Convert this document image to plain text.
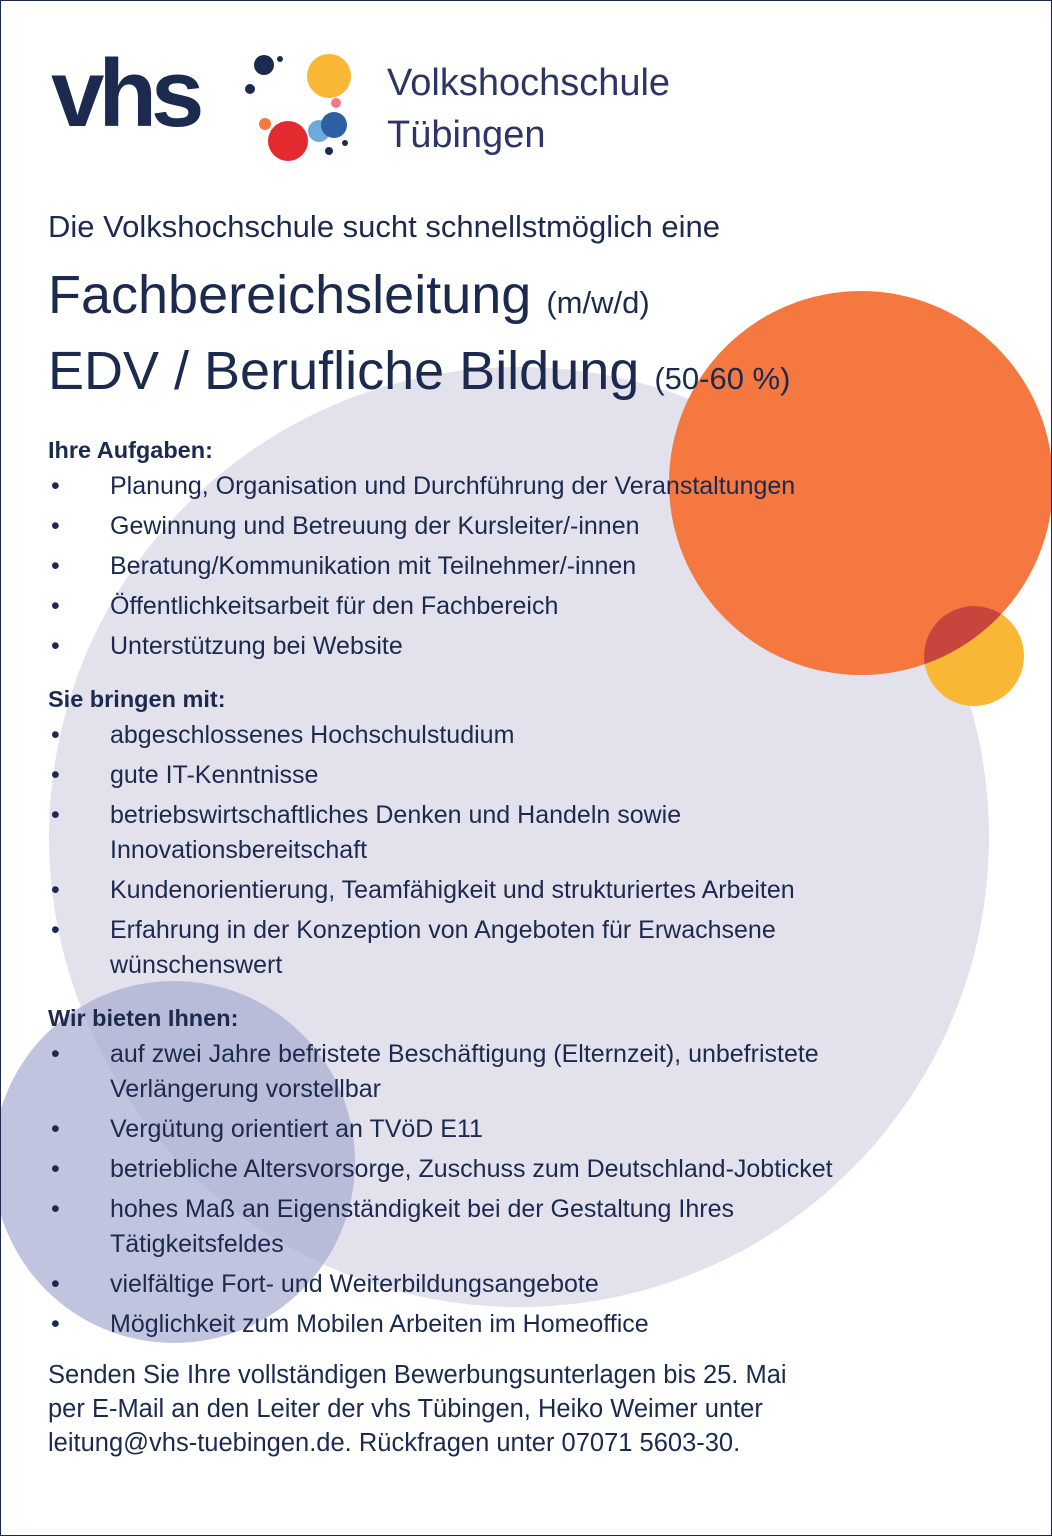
vhs	Volkshochschule
Tübingen

Die Volkshochschule sucht schnellstmöglich eine

Fachbereichsleitung (m/w/d)
EDV / Berufliche Bildung (50-60 %)
Ihre Aufgaben:
• Planung, Organisation und Durchführung der Veranstaltungen
• Gewinnung und Betreuung der Kursleiter/-innen
• Beratung/Kommunikation mit Teilnehmer/-innen
• Öffentlichkeitsarbeit für den Fachbereich
• Unterstützung bei Website
Sie bringen mit:
• abgeschlossenes Hochschulstudium
• gute IT-Kenntnisse
• betriebswirtschaftliches Denken und Handeln sowie Innovationsbereitschaft
• Kundenorientierung, Teamfähigkeit und strukturiertes Arbeiten
• Erfahrung in der Konzeption von Angeboten für Erwachsene wünschenswert
Wir bieten Ihnen:
• auf zwei Jahre befristete Beschäftigung (Elternzeit), unbefristete Verlängerung vorstellbar
• Vergütung orientiert an TVöD E11
• betriebliche Altersvorsorge, Zuschuss zum Deutschland-Jobticket
• hohes Maß an Eigenständigkeit bei der Gestaltung Ihres Tätigkeitsfeldes
• vielfältige Fort- und Weiterbildungsangebote
• Möglichkeit zum Mobilen Arbeiten im Homeoffice
Senden Sie Ihre vollständigen Bewerbungsunterlagen bis 25. Mai
per E-Mail an den Leiter der vhs Tübingen, Heiko Weimer unter
leitung@vhs-tuebingen.de. Rückfragen unter 07071 5603-30.
